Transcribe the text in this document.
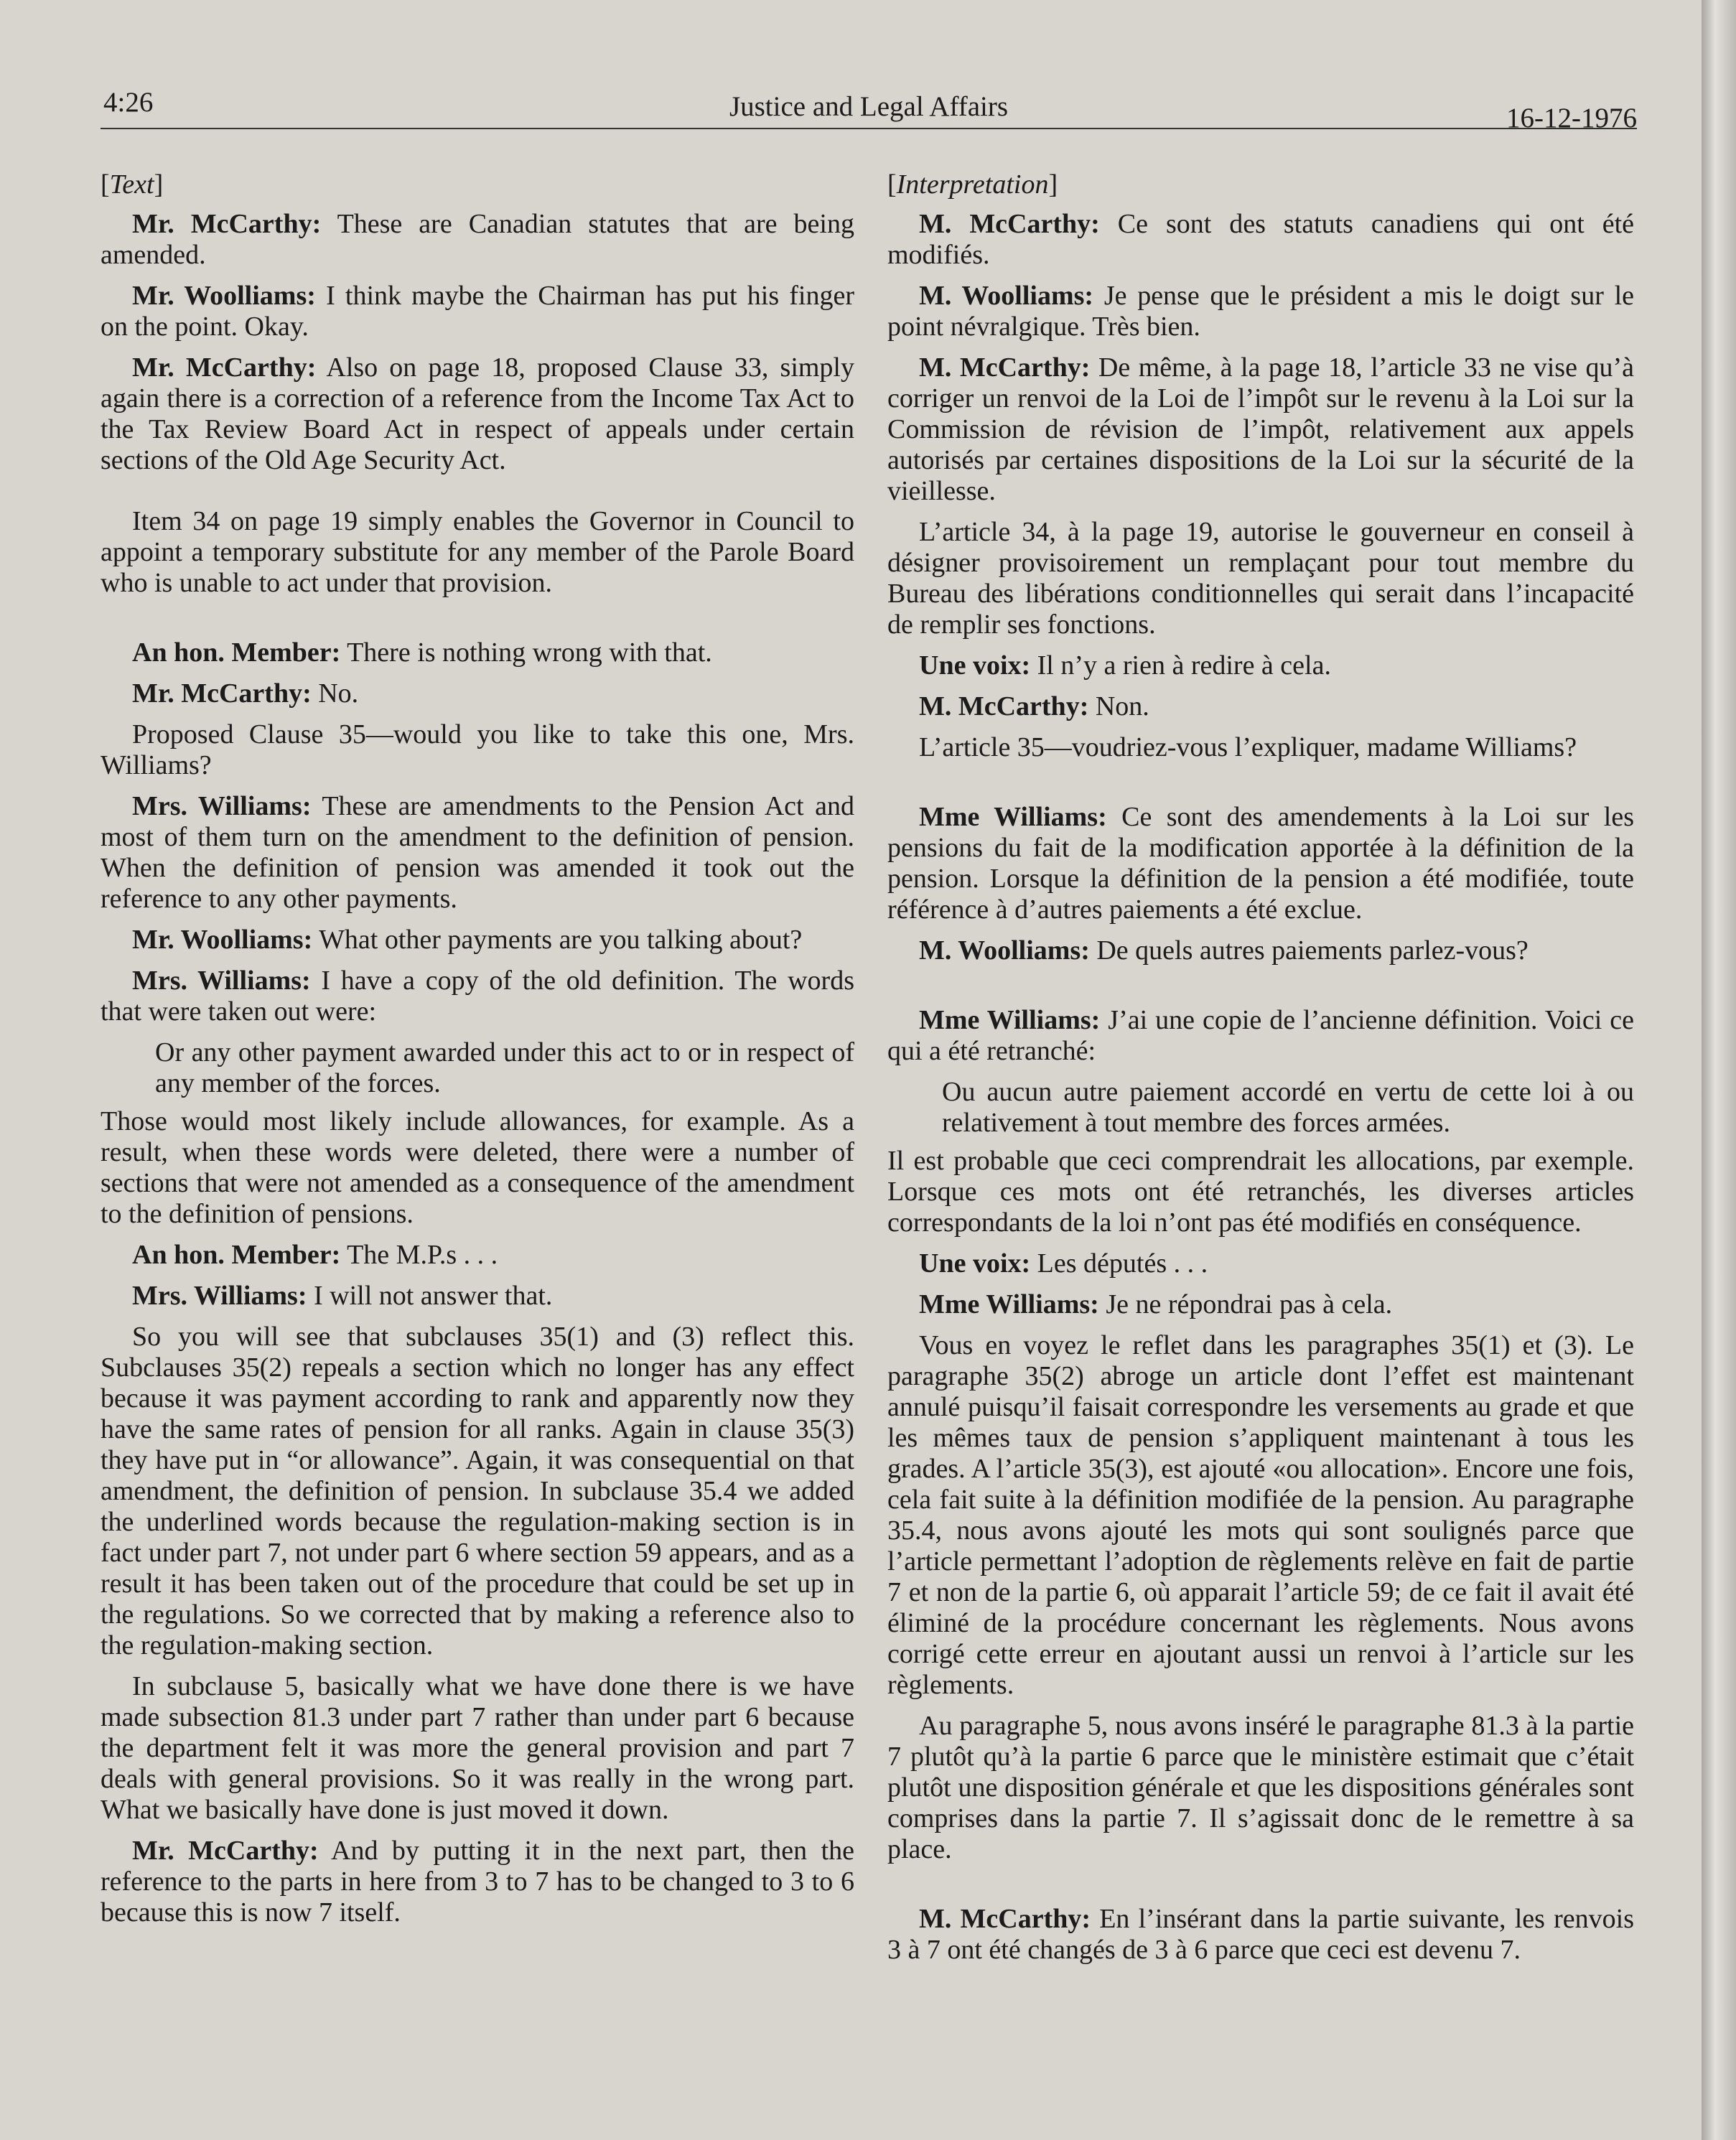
4:26	Justice and Legal Affairs	16-12-1976

[Text]

Mr. McCarthy: These are Canadian statutes that are being amended.

Mr. Woolliams: I think maybe the Chairman has put his finger on the point. Okay.

Mr. McCarthy: Also on page 18, proposed Clause 33, simply again there is a correction of a reference from the Income Tax Act to the Tax Review Board Act in respect of appeals under certain sections of the Old Age Security Act.

Item 34 on page 19 simply enables the Governor in Council to appoint a temporary substitute for any member of the Parole Board who is unable to act under that provision.

An hon. Member: There is nothing wrong with that.

Mr. McCarthy: No.

Proposed Clause 35—would you like to take this one, Mrs. Williams?

Mrs. Williams: These are amendments to the Pension Act and most of them turn on the amendment to the definition of pension. When the definition of pension was amended it took out the reference to any other payments.

Mr. Woolliams: What other payments are you talking about?

Mrs. Williams: I have a copy of the old definition. The words that were taken out were:

Or any other payment awarded under this act to or in respect of any member of the forces.

Those would most likely include allowances, for example. As a result, when these words were deleted, there were a number of sections that were not amended as a consequence of the amendment to the definition of pensions.

An hon. Member: The M.P.s . . .

Mrs. Williams: I will not answer that.

So you will see that subclauses 35(1) and (3) reflect this. Subclauses 35(2) repeals a section which no longer has any effect because it was payment according to rank and apparently now they have the same rates of pension for all ranks. Again in clause 35(3) they have put in “or allowance”. Again, it was consequential on that amendment, the definition of pension. In subclause 35.4 we added the underlined words because the regulation-making section is in fact under part 7, not under part 6 where section 59 appears, and as a result it has been taken out of the procedure that could be set up in the regulations. So we corrected that by making a reference also to the regulation-making section.

In subclause 5, basically what we have done there is we have made subsection 81.3 under part 7 rather than under part 6 because the department felt it was more the general provision and part 7 deals with general provisions. So it was really in the wrong part. What we basically have done is just moved it down.

Mr. McCarthy: And by putting it in the next part, then the reference to the parts in here from 3 to 7 has to be changed to 3 to 6 because this is now 7 itself.

[Interpretation]

M. McCarthy: Ce sont des statuts canadiens qui ont été modifiés.

M. Woolliams: Je pense que le président a mis le doigt sur le point névralgique. Très bien.

M. McCarthy: De même, à la page 18, l’article 33 ne vise qu’à corriger un renvoi de la Loi de l’impôt sur le revenu à la Loi sur la Commission de révision de l’impôt, relativement aux appels autorisés par certaines dispositions de la Loi sur la sécurité de la vieillesse.

L’article 34, à la page 19, autorise le gouverneur en conseil à désigner provisoirement un remplaçant pour tout membre du Bureau des libérations conditionnelles qui serait dans l’incapacité de remplir ses fonctions.

Une voix: Il n’y a rien à redire à cela.

M. McCarthy: Non.

L’article 35—voudriez-vous l’expliquer, madame Williams?

Mme Williams: Ce sont des amendements à la Loi sur les pensions du fait de la modification apportée à la définition de la pension. Lorsque la définition de la pension a été modifiée, toute référence à d’autres paiements a été exclue.

M. Woolliams: De quels autres paiements parlez-vous?

Mme Williams: J’ai une copie de l’ancienne définition. Voici ce qui a été retranché:

Ou aucun autre paiement accordé en vertu de cette loi à ou relativement à tout membre des forces armées.

Il est probable que ceci comprendrait les allocations, par exemple. Lorsque ces mots ont été retranchés, les diverses articles correspondants de la loi n’ont pas été modifiés en conséquence.

Une voix: Les députés . . .

Mme Williams: Je ne répondrai pas à cela.

Vous en voyez le reflet dans les paragraphes 35(1) et (3). Le paragraphe 35(2) abroge un article dont l’effet est maintenant annulé puisqu’il faisait correspondre les versements au grade et que les mêmes taux de pension s’appliquent maintenant à tous les grades. A l’article 35(3), est ajouté «ou allocation». Encore une fois, cela fait suite à la définition modifiée de la pension. Au paragraphe 35.4, nous avons ajouté les mots qui sont soulignés parce que l’article permettant l’adoption de règlements relève en fait de partie 7 et non de la partie 6, où apparait l’article 59; de ce fait il avait été éliminé de la procédure concernant les règlements. Nous avons corrigé cette erreur en ajoutant aussi un renvoi à l’article sur les règlements.

Au paragraphe 5, nous avons inséré le paragraphe 81.3 à la partie 7 plutôt qu’à la partie 6 parce que le ministère estimait que c’était plutôt une disposition générale et que les dispositions générales sont comprises dans la partie 7. Il s’agissait donc de le remettre à sa place.

M. McCarthy: En l’insérant dans la partie suivante, les renvois 3 à 7 ont été changés de 3 à 6 parce que ceci est devenu 7.
